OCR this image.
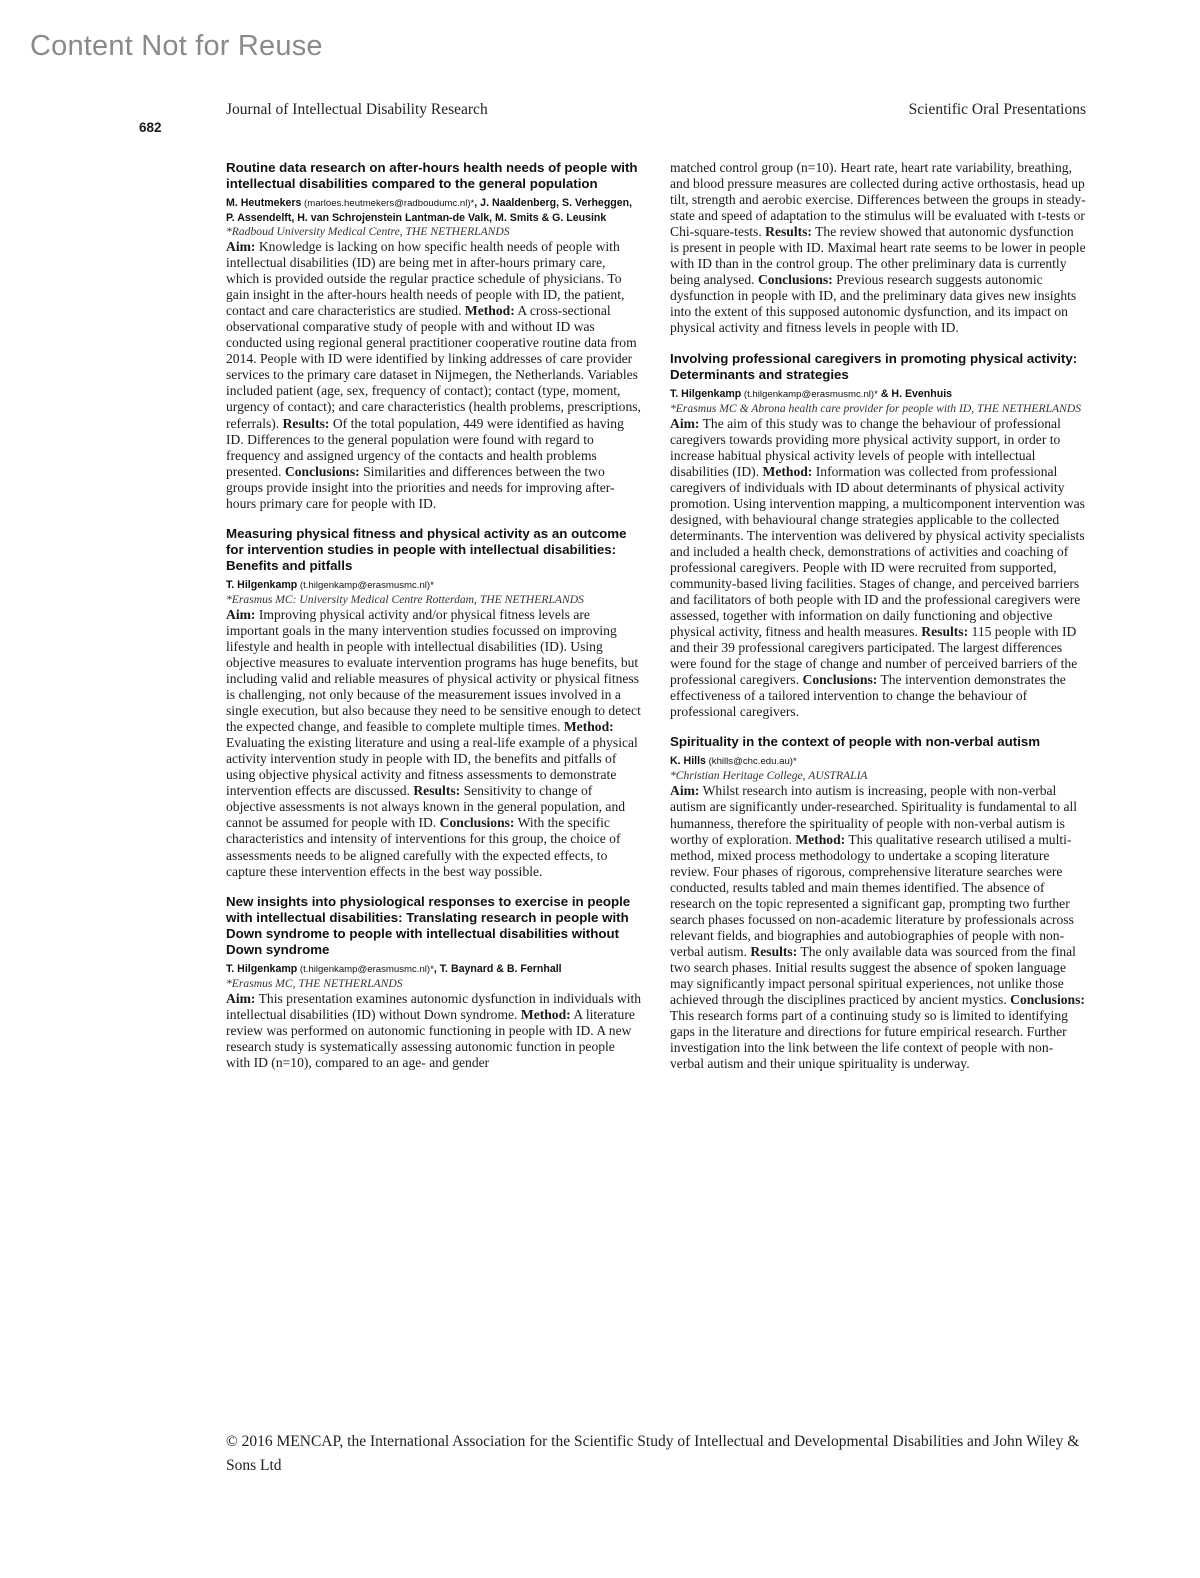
Content Not for Reuse
Journal of Intellectual Disability Research	Scientific Oral Presentations
682
Routine data research on after-hours health needs of people with intellectual disabilities compared to the general population
M. Heutmekers (marloes.heutmekers@radboudumc.nl)*, J. Naaldenberg, S. Verheggen, P. Assendelft, H. van Schrojenstein Lantman-de Valk, M. Smits & G. Leusink
*Radboud University Medical Centre, THE NETHERLANDS

Aim: Knowledge is lacking on how specific health needs of people with intellectual disabilities (ID) are being met in after-hours primary care, which is provided outside the regular practice schedule of physicians. To gain insight in the after-hours health needs of people with ID, the patient, contact and care characteristics are studied. Method: A cross-sectional observational comparative study of people with and without ID was conducted using regional general practitioner cooperative routine data from 2014. People with ID were identified by linking addresses of care provider services to the primary care dataset in Nijmegen, the Netherlands. Variables included patient (age, sex, frequency of contact); contact (type, moment, urgency of contact); and care characteristics (health problems, prescriptions, referrals). Results: Of the total population, 449 were identified as having ID. Differences to the general population were found with regard to frequency and assigned urgency of the contacts and health problems presented. Conclusions: Similarities and differences between the two groups provide insight into the priorities and needs for improving after-hours primary care for people with ID.

Measuring physical fitness and physical activity as an outcome for intervention studies in people with intellectual disabilities: Benefits and pitfalls
T. Hilgenkamp (t.hilgenkamp@erasmusmc.nl)*
*Erasmus MC: University Medical Centre Rotterdam, THE NETHERLANDS

Aim: Improving physical activity and/or physical fitness levels are important goals in the many intervention studies focussed on improving lifestyle and health in people with intellectual disabilities (ID). Using objective measures to evaluate intervention programs has huge benefits, but including valid and reliable measures of physical activity or physical fitness is challenging, not only because of the measurement issues involved in a single execution, but also because they need to be sensitive enough to detect the expected change, and feasible to complete multiple times. Method: Evaluating the existing literature and using a real-life example of a physical activity intervention study in people with ID, the benefits and pitfalls of using objective physical activity and fitness assessments to demonstrate intervention effects are discussed. Results: Sensitivity to change of objective assessments is not always known in the general population, and cannot be assumed for people with ID. Conclusions: With the specific characteristics and intensity of interventions for this group, the choice of assessments needs to be aligned carefully with the expected effects, to capture these intervention effects in the best way possible.

New insights into physiological responses to exercise in people with intellectual disabilities: Translating research in people with Down syndrome to people with intellectual disabilities without Down syndrome
T. Hilgenkamp (t.hilgenkamp@erasmusmc.nl)*, T. Baynard & B. Fernhall
*Erasmus MC, THE NETHERLANDS

Aim: This presentation examines autonomic dysfunction in individuals with intellectual disabilities (ID) without Down syndrome. Method: A literature review was performed on autonomic functioning in people with ID. A new research study is systematically assessing autonomic function in people with ID (n=10), compared to an age- and gender

matched control group (n=10). Heart rate, heart rate variability, breathing, and blood pressure measures are collected during active orthostasis, head up tilt, strength and aerobic exercise. Differences between the groups in steady-state and speed of adaptation to the stimulus will be evaluated with t-tests or Chi-square-tests. Results: The review showed that autonomic dysfunction is present in people with ID. Maximal heart rate seems to be lower in people with ID than in the control group. The other preliminary data is currently being analysed. Conclusions: Previous research suggests autonomic dysfunction in people with ID, and the preliminary data gives new insights into the extent of this supposed autonomic dysfunction, and its impact on physical activity and fitness levels in people with ID.

Involving professional caregivers in promoting physical activity: Determinants and strategies
T. Hilgenkamp (t.hilgenkamp@erasmusmc.nl)* & H. Evenhuis
*Erasmus MC & Abrona health care provider for people with ID, THE NETHERLANDS

Aim: The aim of this study was to change the behaviour of professional caregivers towards providing more physical activity support, in order to increase habitual physical activity levels of people with intellectual disabilities (ID). Method: Information was collected from professional caregivers of individuals with ID about determinants of physical activity promotion. Using intervention mapping, a multicomponent intervention was designed, with behavioural change strategies applicable to the collected determinants. The intervention was delivered by physical activity specialists and included a health check, demonstrations of activities and coaching of professional caregivers. People with ID were recruited from supported, community-based living facilities. Stages of change, and perceived barriers and facilitators of both people with ID and the professional caregivers were assessed, together with information on daily functioning and objective physical activity, fitness and health measures. Results: 115 people with ID and their 39 professional caregivers participated. The largest differences were found for the stage of change and number of perceived barriers of the professional caregivers. Conclusions: The intervention demonstrates the effectiveness of a tailored intervention to change the behaviour of professional caregivers.

Spirituality in the context of people with non-verbal autism
K. Hills (khills@chc.edu.au)*
*Christian Heritage College, AUSTRALIA

Aim: Whilst research into autism is increasing, people with non-verbal autism are significantly under-researched. Spirituality is fundamental to all humanness, therefore the spirituality of people with non-verbal autism is worthy of exploration. Method: This qualitative research utilised a multi-method, mixed process methodology to undertake a scoping literature review. Four phases of rigorous, comprehensive literature searches were conducted, results tabled and main themes identified. The absence of research on the topic represented a significant gap, prompting two further search phases focussed on non-academic literature by professionals across relevant fields, and biographies and autobiographies of people with non-verbal autism. Results: The only available data was sourced from the final two search phases. Initial results suggest the absence of spoken language may significantly impact personal spiritual experiences, not unlike those achieved through the disciplines practiced by ancient mystics. Conclusions: This research forms part of a continuing study so is limited to identifying gaps in the literature and directions for future empirical research. Further investigation into the link between the life context of people with non-verbal autism and their unique spirituality is underway.

© 2016 MENCAP, the International Association for the Scientific Study of Intellectual and Developmental Disabilities and John Wiley & Sons Ltd
